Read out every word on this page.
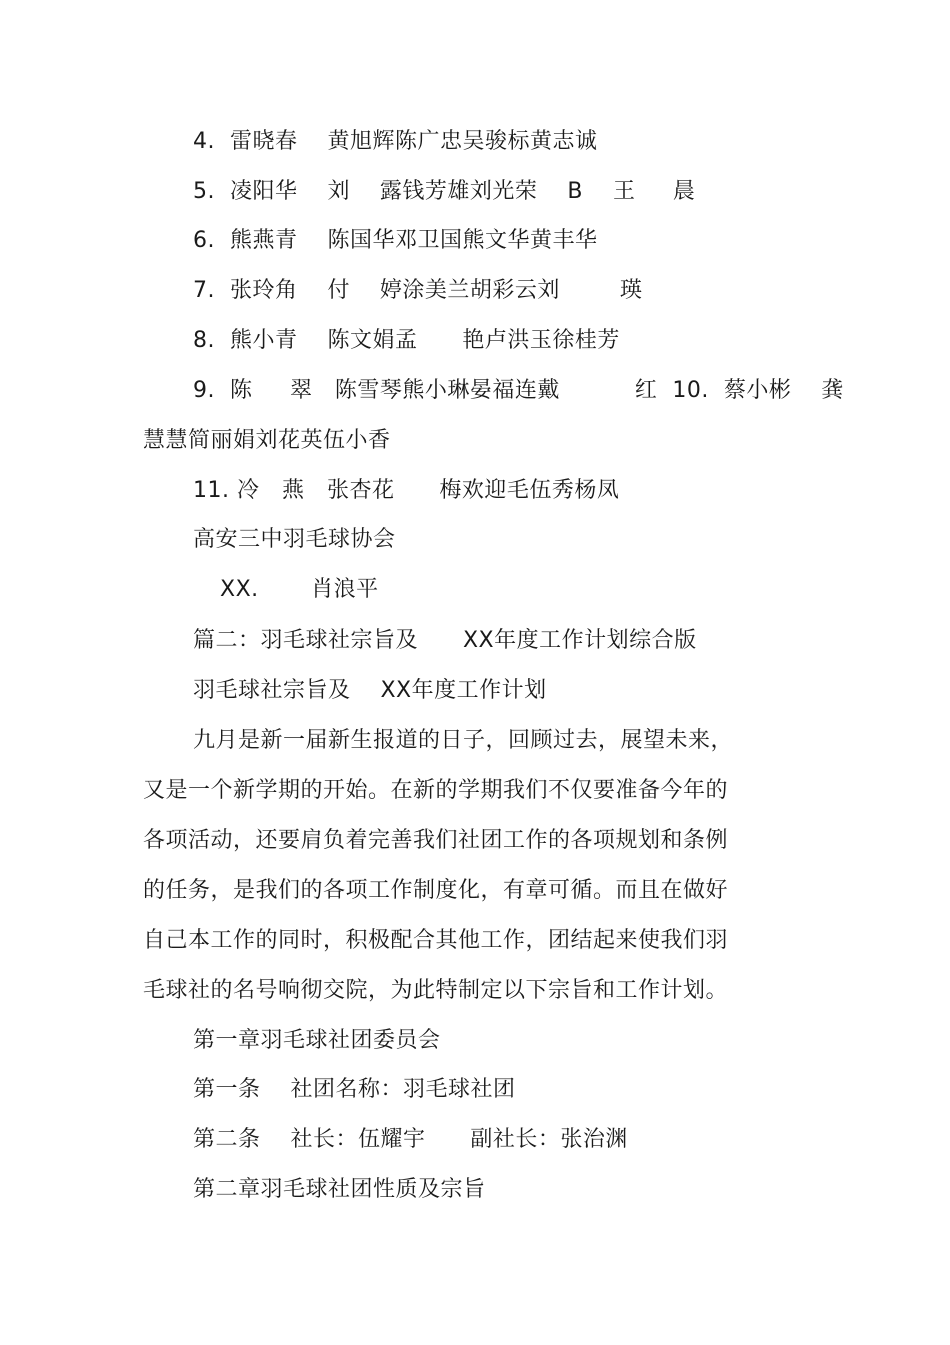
4.  雷晓春    黄旭辉陈广忠吴骏标黄志诚
5.  凌阳华    刘    露钱芳雄刘光荣    B    王     晨
6.  熊燕青    陈国华邓卫国熊文华黄丰华
7.  张玲角    付    婷涂美兰胡彩云刘        瑛
8.  熊小青    陈文娟孟      艳卢洪玉徐桂芳
9.  陈     翠   陈雪琴熊小琳晏福连戴          红  10.  蔡小彬    龚
慧慧简丽娟刘花英伍小香
11. 冷   燕   张杏花      梅欢迎毛伍秀杨凤
高安三中羽毛球协会
XX.       肖浪平
篇二：羽毛球社宗旨及      XX年度工作计划综合版
羽毛球社宗旨及    XX年度工作计划
九月是新一届新生报道的日子，回顾过去，展望未来，
又是一个新学期的开始。在新的学期我们不仅要准备今年的
各项活动，还要肩负着完善我们社团工作的各项规划和条例
的任务，是我们的各项工作制度化，有章可循。而且在做好
自己本工作的同时，积极配合其他工作，团结起来使我们羽
毛球社的名号响彻交院，为此特制定以下宗旨和工作计划。
第一章羽毛球社团委员会
第一条    社团名称：羽毛球社团
第二条    社长：伍耀宇      副社长：张治渊
第二章羽毛球社团性质及宗旨
